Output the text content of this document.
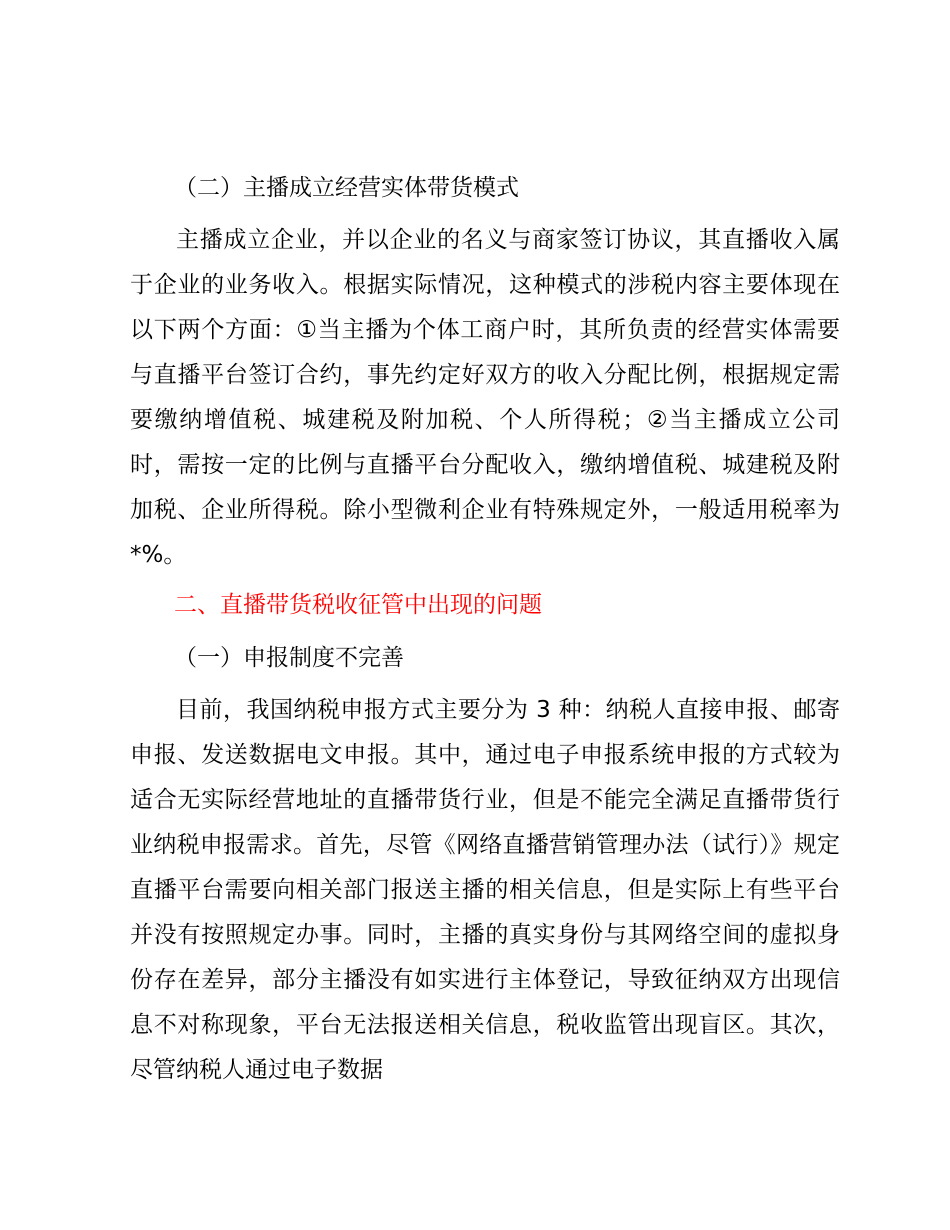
（二）主播成立经营实体带货模式

主播成立企业，并以企业的名义与商家签订协议，其直播收入属于企业的业务收入。根据实际情况，这种模式的涉税内容主要体现在以下两个方面：①当主播为个体工商户时，其所负责的经营实体需要与直播平台签订合约，事先约定好双方的收入分配比例，根据规定需要缴纳增值税、城建税及附加税、个人所得税；②当主播成立公司时，需按一定的比例与直播平台分配收入，缴纳增值税、城建税及附加税、企业所得税。除小型微利企业有特殊规定外，一般适用税率为*%。

二、直播带货税收征管中出现的问题
（一）申报制度不完善

目前，我国纳税申报方式主要分为 3 种：纳税人直接申报、邮寄申报、发送数据电文申报。其中，通过电子申报系统申报的方式较为适合无实际经营地址的直播带货行业，但是不能完全满足直播带货行业纳税申报需求。首先，尽管《网络直播营销管理办法（试行）》规定直播平台需要向相关部门报送主播的相关信息，但是实际上有些平台并没有按照规定办事。同时，主播的真实身份与其网络空间的虚拟身份存在差异，部分主播没有如实进行主体登记，导致征纳双方出现信息不对称现象，平台无法报送相关信息，税收监管出现盲区。其次，尽管纳税人通过电子数据
